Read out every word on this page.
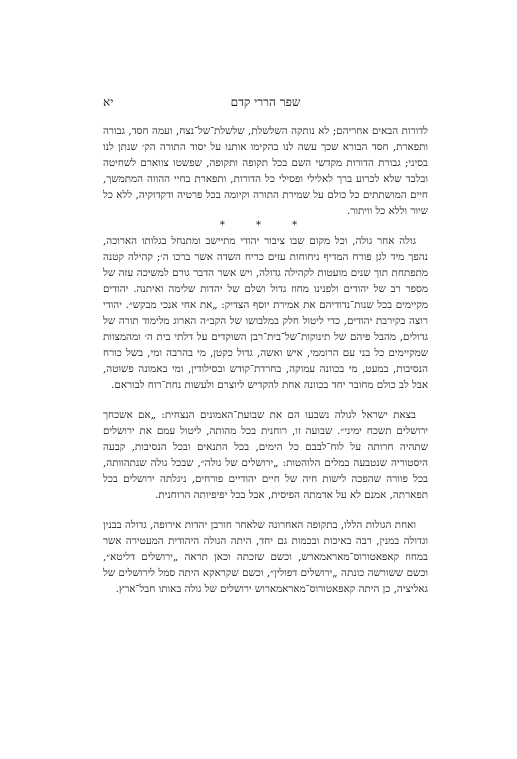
שפר הררי קדם
יא

לדורות הבאים אחריהם; לא נותקה השלשלת, שלשלת־של־נצח, ועמה חסד, גבורה ותפארת, חסד הבורא שכך עשה לנו בהקימו אותנו על יסוד התורה הק׳ שנתן לנו בסיני; גבורת הדורות מקדשי השם בכל תקופה ותקופה, שפשטו צווארם לשחיטה ובלבד שלא לכרוע ברך לאלילי ופסילי כל הדורות, ותפארת בחיי ההווה המתמשך, חיים המושתתים כל כולם על שמירת התורה וקיומה בכל פרטיה ודקדוקיה, ללא כל שיור וללא כל וויתור.

* * *

גולה אחר גולה, וכל מקום שבו ציבור יהודי מתיישב ומתנחל בגלותו הארוכה, נהפך מיד לגן פורח המדיף ניחוחות עזים כריח השדה אשר ברכו ה׳; קהילה קטנה מתפתחת תוך שנים מועטות לקהילה גדולה, ויש אשר הדבר גורם למשיכה עזה של מספר רב של יהודים ולפנינו מחוז גדול ושלם של יהדות שלימה ואיתנה. יהודים מקיימים בכל שנות־נדודיהם את אמירת יוסף הצדיק: „את אחי אנכי מבקש״. יהודי רוצה בקירבת יהודים, כדי ליטול חלק במלבושו של הקב״ה הארוג מלימוד תורה של גדולים, מהבל פיהם של תינוקות־של־בית־רבן השוקדים על דלתי בית ה׳ ומהמצוות שמקיימים כל בני עם הרוממי, איש ואשה, גדול כקטן, מי בהרבה ומי, בשל כורח הנסיבות, במעט, מי בכוונה עמוקה, בחרדת־קודש ובסילודין, ומי באמונה פשוטה, אבל לב כולם מחובר יחד בכוונה אחת להקדיש ליוצרם ולעשות נחת־רוח לבוראם.

בצאת ישראל לגולה נשבעו הם את שבועת־האמונים הנצחית: „אם אשכחך ירושלים תשכח ימיני״. שבועה זו, רוחנית בכל מהותה, ליטול עמם את ירושלים שתהיה חרותה על לוח־לבבם כל הימים, בכל התנאים ובכל הנסיבות, קבעה היסטוריה שנטבעה במלים הלוהטות: „ירושלים של גולה״, שבכל גולה שנתהוותה, בכל פוורה שהפכה לישות חיה של חיים יהודיים פורחים, ניגלתה ירושלים בכל תפארתה, אמנם לא על אדמתה הפיסית, אבל בכל יפיפיותה הרוחנית.

ואחת הגולות הללו, בתקופה האחרונה שלאחר חורבן יהדות אירופה, גדולה בבנין וגדולה במנין, רבה באיכות ובכמות גם יחד, היתה הגולה היהודית המעטירה אשר במחוז קאפאטורוס־מאראמארש, וכשם שזכתה וכאן תראה „ירושלים דליטא״, וכשם ששורשה כונתה „ירושלים דפולין״, וכשם שקראקא היתה סמל לירושלים של גאליציה, כן היתה קאפאטורוס־מאראמארוש ירושלים של גולה באותו חבל־ארץ.
